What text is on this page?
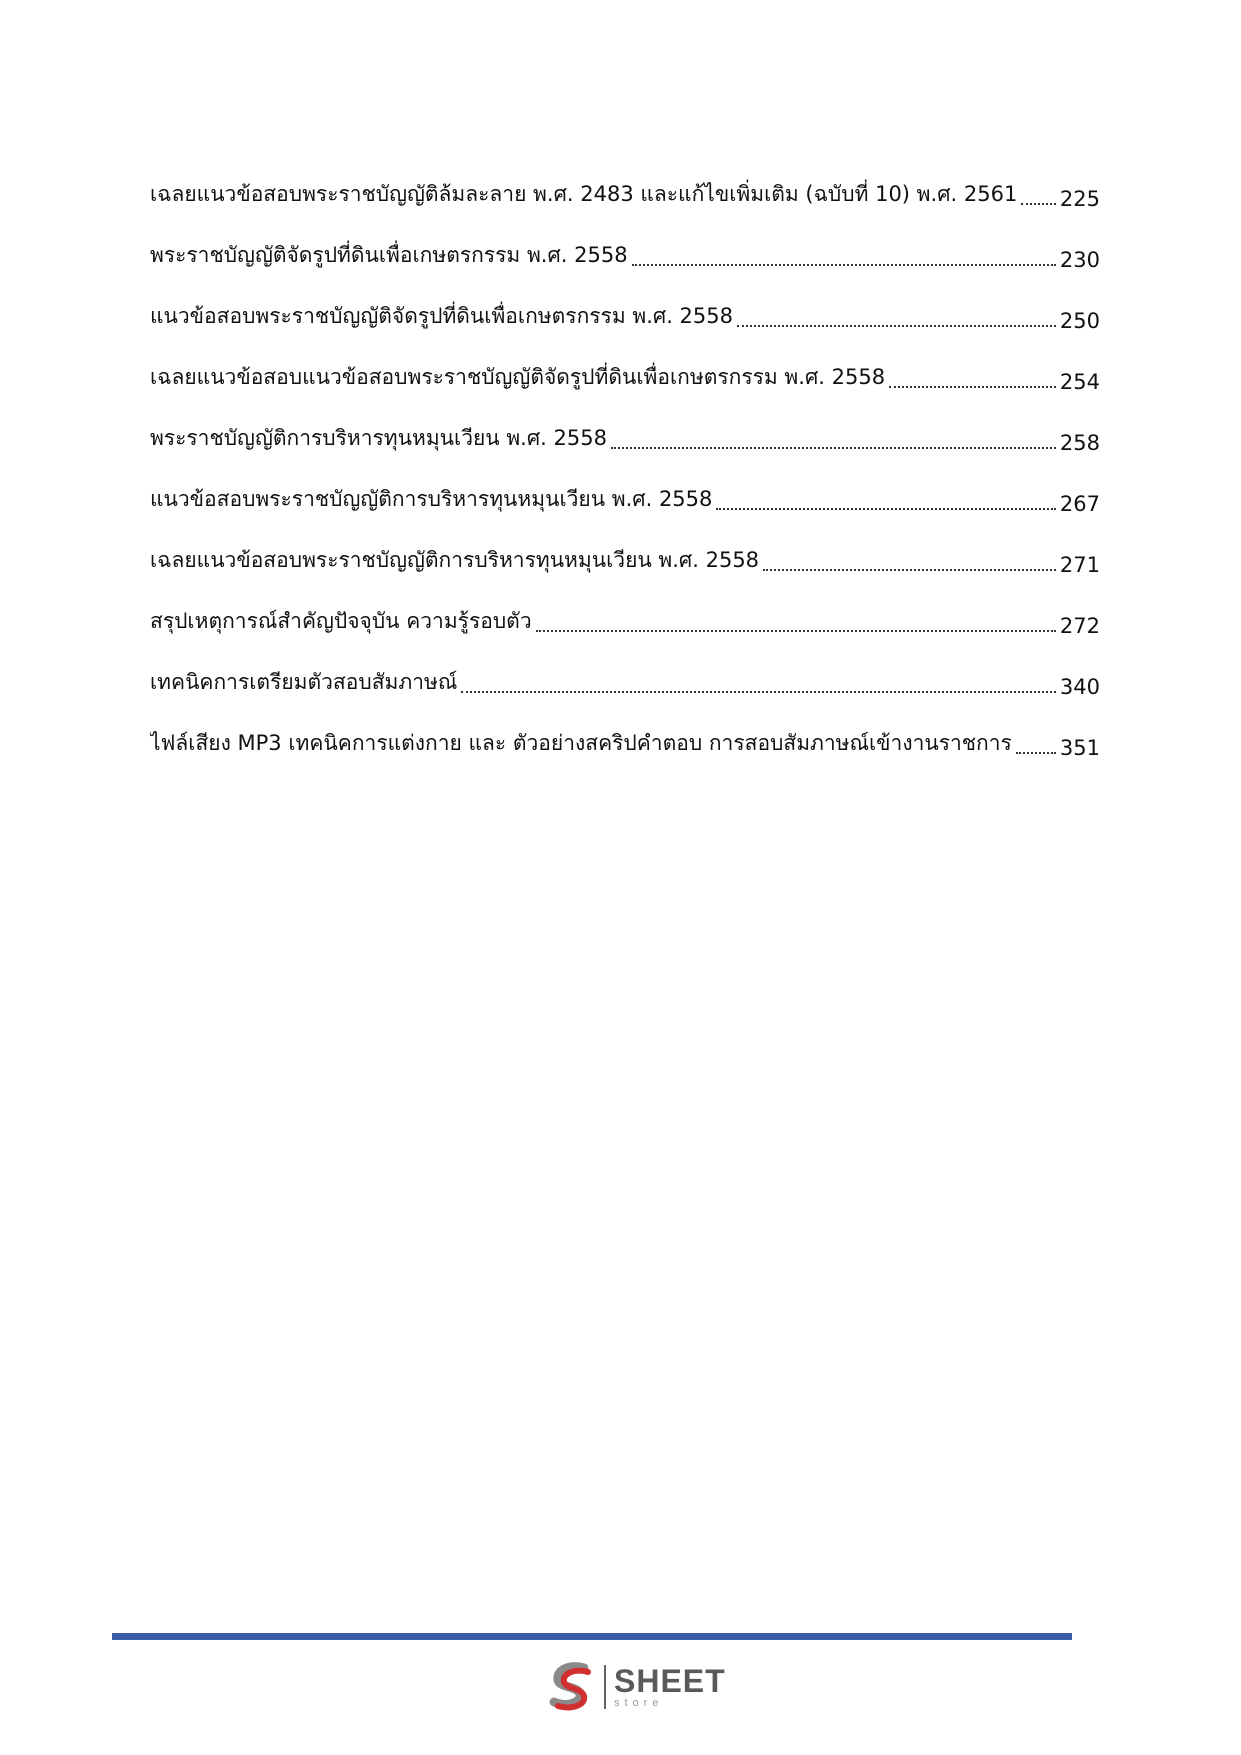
เฉลยแนวข้อสอบพระราชบัญญัติล้มละลาย พ.ศ. 2483 และแก้ไขเพิ่มเติม (ฉบับที่ 10) พ.ศ. 2561 225
พระราชบัญญัติจัดรูปที่ดินเพื่อเกษตรกรรม พ.ศ. 2558	230
แนวข้อสอบพระราชบัญญัติจัดรูปที่ดินเพื่อเกษตรกรรม พ.ศ. 2558	250
เฉลยแนวข้อสอบแนวข้อสอบพระราชบัญญัติจัดรูปที่ดินเพื่อเกษตรกรรม พ.ศ. 2558	254
พระราชบัญญัติการบริหารทุนหมุนเวียน พ.ศ. 2558	258
แนวข้อสอบพระราชบัญญัติการบริหารทุนหมุนเวียน พ.ศ. 2558	267
เฉลยแนวข้อสอบพระราชบัญญัติการบริหารทุนหมุนเวียน พ.ศ. 2558	271
สรุปเหตุการณ์สำคัญปัจจุบัน ความรู้รอบตัว	272
เทคนิคการเตรียมตัวสอบสัมภาษณ์	340
ไฟล์เสียง MP3 เทคนิคการแต่งกาย และ ตัวอย่างสคริปคำตอบ การสอบสัมภาษณ์เข้างานราชการ 351
SHEET
store
